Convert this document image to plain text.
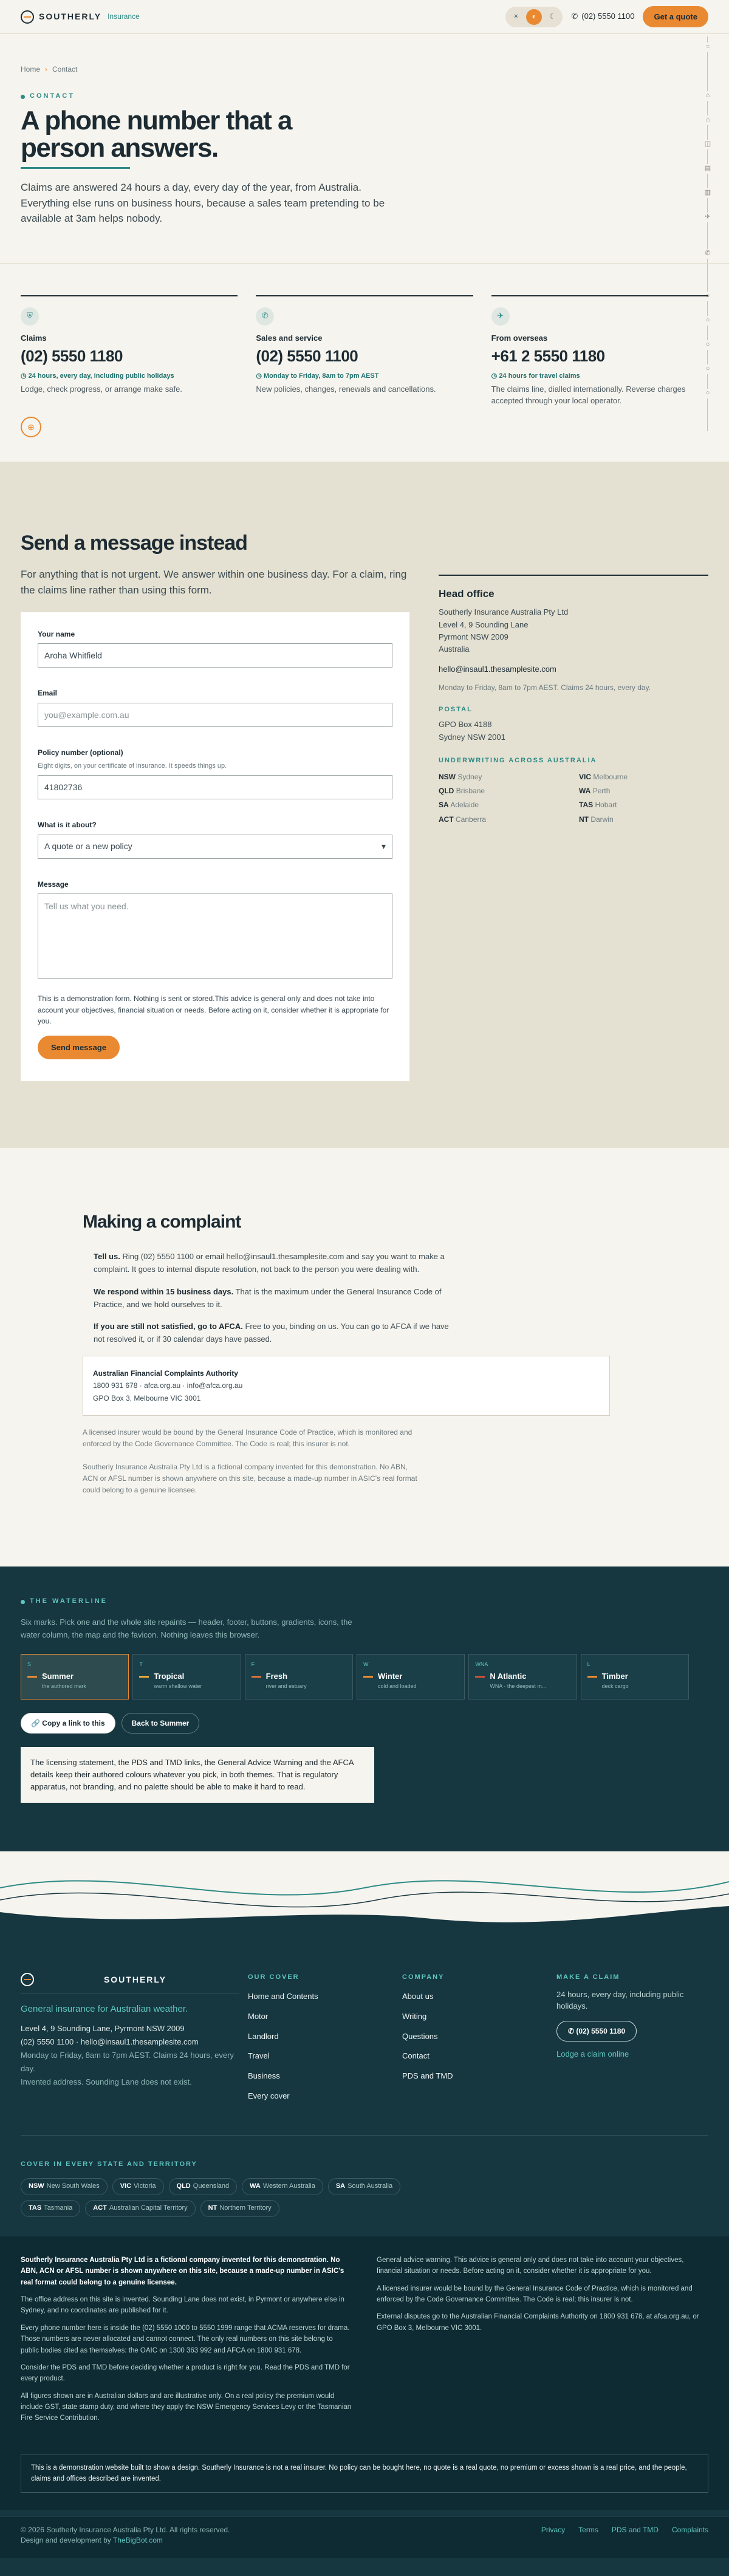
SOUTHERLY Insurance	☀	◐	☾	✆ (02) 5550 1100	Get a quote
≈
⌂
⌂
◫
▤
▥
✈
✆
○
○
○
○
○
Home › Contact
CONTACT
A phone number that a person answers.

Claims are answered 24 hours a day, every day of the year, from Australia. Everything else runs on business hours, because a sales team pretending to be available at 3am helps nobody.

⛨
Claims
(02) 5550 1180
◷ 24 hours, every day, including public holidays
Lodge, check progress, or arrange make safe.
✆
Sales and service
(02) 5550 1100
◷ Monday to Friday, 8am to 7pm AEST
New policies, changes, renewals and cancellations.
✈
From overseas
+61 2 5550 1180
◷ 24 hours for travel claims
The claims line, dialled internationally. Reverse charges accepted through your local operator.
⊕
Send a message instead

For anything that is not urgent. We answer within one business day. For a claim, ring the claims line rather than using this form.

Your name
Aroha Whitfield
Email
you@example.com.au
Policy number (optional)
Eight digits, on your certificate of insurance. It speeds things up.
41802736
What is it about?
A quote or a new policy	▾
Message
Tell us what you need.

This is a demonstration form. Nothing is sent or stored.This advice is general only and does not take into account your objectives, financial situation or needs. Before acting on it, consider whether it is appropriate for you.

Send message
Head office
Southerly Insurance Australia Pty Ltd
Level 4, 9 Sounding Lane
Pyrmont NSW 2009
Australia
hello@insaul1.thesamplesite.com
Monday to Friday, 8am to 7pm AEST. Claims 24 hours, every day.
POSTAL
GPO Box 4188
Sydney NSW 2001
UNDERWRITING ACROSS AUSTRALIA
NSW Sydney	VIC Melbourne
QLD Brisbane	WA Perth
SA Adelaide	TAS Hobart
ACT Canberra	NT Darwin
Making a complaint

Tell us. Ring (02) 5550 1100 or email hello@insaul1.thesamplesite.com and say you want to make a complaint. It goes to internal dispute resolution, not back to the person you were dealing with.

We respond within 15 business days. That is the maximum under the General Insurance Code of Practice, and we hold ourselves to it.

If you are still not satisfied, go to AFCA. Free to you, binding on us. You can go to AFCA if we have not resolved it, or if 30 calendar days have passed.

Australian Financial Complaints Authority
1800 931 678 · afca.org.au · info@afca.org.au
GPO Box 3, Melbourne VIC 3001

A licensed insurer would be bound by the General Insurance Code of Practice, which is monitored and enforced by the Code Governance Committee. The Code is real; this insurer is not.

Southerly Insurance Australia Pty Ltd is a fictional company invented for this demonstration. No ABN, ACN or AFSL number is shown anywhere on this site, because a made-up number in ASIC's real format could belong to a genuine licensee.

THE WATERLINE

Six marks. Pick one and the whole site repaints — header, footer, buttons, gradients, icons, the water column, the map and the favicon. Nothing leaves this browser.

S
Summer
the authored mark
T
Tropical
warm shallow water
F
Fresh
river and estuary
W
Winter
cold and loaded
WNA
N Atlantic
WNA · the deepest m...
L
Timber
deck cargo
🔗 Copy a link to this	Back to Summer
The licensing statement, the PDS and TMD links, the General Advice Warning and the AFCA details keep their authored colours whatever you pick, in both themes. That is regulatory apparatus, not branding, and no palette should be able to make it hard to read.
SOUTHERLY
General insurance for Australian weather.
Level 4, 9 Sounding Lane, Pyrmont NSW 2009
(02) 5550 1100 · hello@insaul1.thesamplesite.com
Monday to Friday, 8am to 7pm AEST. Claims 24 hours, every day.
Invented address. Sounding Lane does not exist.
OUR COVER
Home and Contents
Motor
Landlord
Travel
Business
Every cover
COMPANY
About us
Writing
Questions
Contact
PDS and TMD
MAKE A CLAIM

24 hours, every day, including public holidays.

✆ (02) 5550 1180
Lodge a claim online
COVER IN EVERY STATE AND TERRITORY
NSW New South Wales	VIC Victoria	QLD Queensland	WA Western Australia	SA South Australia
TAS Tasmania	ACT Australian Capital Territory	NT Northern Territory

Southerly Insurance Australia Pty Ltd is a fictional company invented for this demonstration. No ABN, ACN or AFSL number is shown anywhere on this site, because a made-up number in ASIC's real format could belong to a genuine licensee.

The office address on this site is invented. Sounding Lane does not exist, in Pyrmont or anywhere else in Sydney, and no coordinates are published for it.

Every phone number here is inside the (02) 5550 1000 to 5550 1999 range that ACMA reserves for drama. Those numbers are never allocated and cannot connect. The only real numbers on this site belong to public bodies cited as themselves: the OAIC on 1300 363 992 and AFCA on 1800 931 678.

Consider the PDS and TMD before deciding whether a product is right for you. Read the PDS and TMD for every product.

All figures shown are in Australian dollars and are illustrative only. On a real policy the premium would include GST, state stamp duty, and where they apply the NSW Emergency Services Levy or the Tasmanian Fire Service Contribution.

General advice warning. This advice is general only and does not take into account your objectives, financial situation or needs. Before acting on it, consider whether it is appropriate for you.

A licensed insurer would be bound by the General Insurance Code of Practice, which is monitored and enforced by the Code Governance Committee. The Code is real; this insurer is not.

External disputes go to the Australian Financial Complaints Authority on 1800 931 678, at afca.org.au, or GPO Box 3, Melbourne VIC 3001.

This is a demonstration website built to show a design. Southerly Insurance is not a real insurer. No policy can be bought here, no quote is a real quote, no premium or excess shown is a real price, and the people, claims and offices described are invented.
© 2026 Southerly Insurance Australia Pty Ltd. All rights reserved.
Design and development by TheBigBot.com
Privacy Terms PDS and TMD Complaints
